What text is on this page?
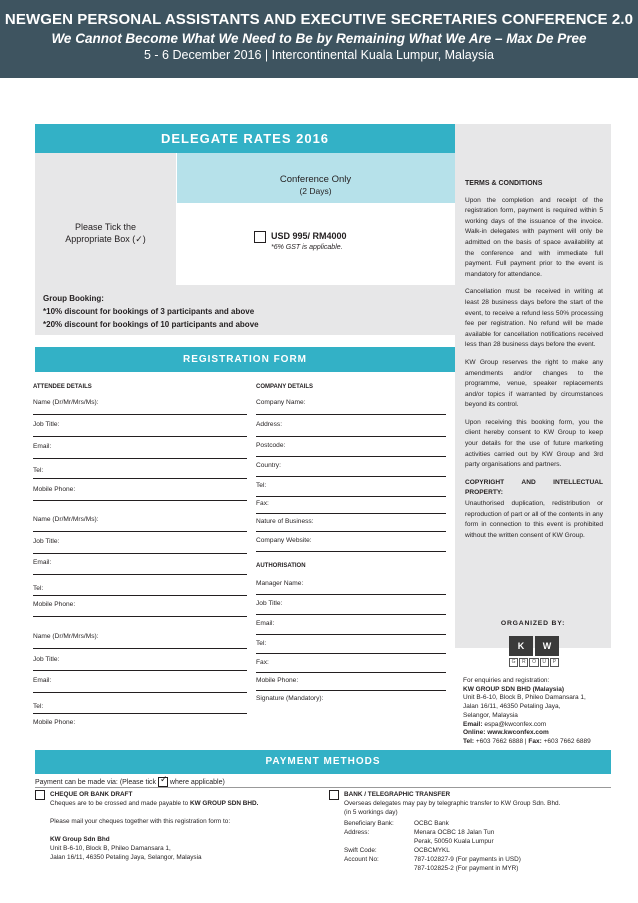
NEWGEN PERSONAL ASSISTANTS AND EXECUTIVE SECRETARIES CONFERENCE 2.0
We Cannot Become What We Need to Be by Remaining What We Are – Max De Pree
5 - 6 December 2016 | Intercontinental Kuala Lumpur, Malaysia
DELEGATE RATES 2016
Please Tick the
Appropriate Box (✓)
Conference Only
(2 Days)
USD 995/ RM4000
*6% GST is applicable.
Group Booking:
*10% discount for bookings of 3 participants and above
*20% discount for bookings of 10 participants and above
REGISTRATION FORM
ATTENDEE DETAILS	COMPANY DETAILS
AUTHORISATION
Name (Dr/Mr/Mrs/Ms):
Job Title:
Email:
Tel:
Mobile Phone:
Name (Dr/Mr/Mrs/Ms):
Job Title:
Email:
Tel:
Mobile Phone:
Name (Dr/Mr/Mrs/Ms):
Job Title:
Email:
Tel:
Mobile Phone:
Company Name:
Address:
Postcode:
Country:
Tel:
Fax:
Nature of Business:
Company Website:
Manager Name:
Job Title:
Email:
Tel:
Fax:
Mobile Phone:
Signature (Mandatory):

TERMS & CONDITIONS

Upon the completion and receipt of the registration form, payment is required within 5 working days of the issuance of the invoice. Walk-in delegates with payment will only be admitted on the basis of space availability at the conference and with immediate full payment. Full payment prior to the event is mandatory for attendance.

Cancellation must be received in writing at least 28 business days before the start of the event, to receive a refund less 50% processing fee per registration. No refund will be made available for cancellation notifications received less than 28 business days before the event.

KW Group reserves the right to make any amendments and/or changes to the programme, venue, speaker replacements and/or topics if warranted by circumstances beyond its control.

Upon receiving this booking form, you the client hereby consent to KW Group to keep your details for the use of future marketing activities carried out by KW Group and 3rd party organisations and partners.

COPYRIGHT AND INTELLECTUAL PROPERTY:

Unauthorised duplication, redistribution or reproduction of part or all of the contents in any form in connection to this event is prohibited without the written consent of KW Group.

ORGANIZED BY:
K	W
G	R	O	U	P
For enquiries and registration:
KW GROUP SDN BHD (Malaysia)
Unit B-6-10, Block B, Phileo Damansara 1,
Jalan 16/11, 46350 Petaling Jaya,
Selangor, Malaysia
Email: espa@kwconfex.com
Online: www.kwconfex.com
Tel: +603 7662 6888 | Fax: +603 7662 6889
PAYMENT METHODS
Payment can be made via: (Please tick ✓ where applicable)
CHEQUE OR BANK DRAFT
Cheques are to be crossed and made payable to KW GROUP SDN BHD.
Please mail your cheques together with this registration form to:
KW Group Sdn Bhd
Unit B-6-10, Block B, Phileo Damansara 1,
Jalan 16/11, 46350 Petaling Jaya, Selangor, Malaysia
BANK / TELEGRAPHIC TRANSFER
Overseas delegates may pay by telegraphic transfer to KW Group Sdn. Bhd.
(in 5 workings day)
Beneficiary Bank:	OCBC Bank
Address:	Menara OCBC 18 Jalan Tun
Perak, 50050 Kuala Lumpur
Swift Code:	OCBCMYKL
Account No:	787-102827-9 (For payments in USD)
787-102825-2 (For payment in MYR)
